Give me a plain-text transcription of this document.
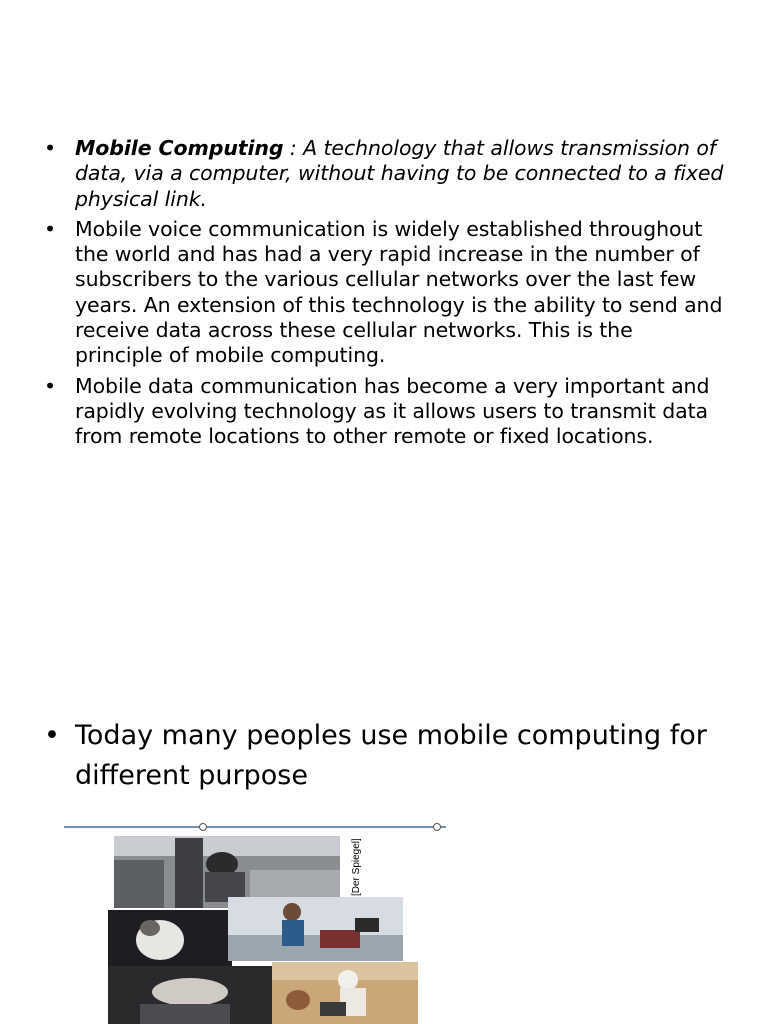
• Mobile Computing : A technology that allows transmission of data, via a computer, without having to be connected to a fixed physical link.
• Mobile voice communication is widely established throughout the world and has had a very rapid increase in the number of subscribers to the various cellular networks over the last few years. An extension of this technology is the ability to send and receive data across these cellular networks. This is the principle of mobile computing.
• Mobile data communication has become a very important and rapidly evolving technology as it allows users to transmit data from remote locations to other remote or fixed locations.
• Today many peoples use mobile computing for different purpose
[Der Spiegel]
